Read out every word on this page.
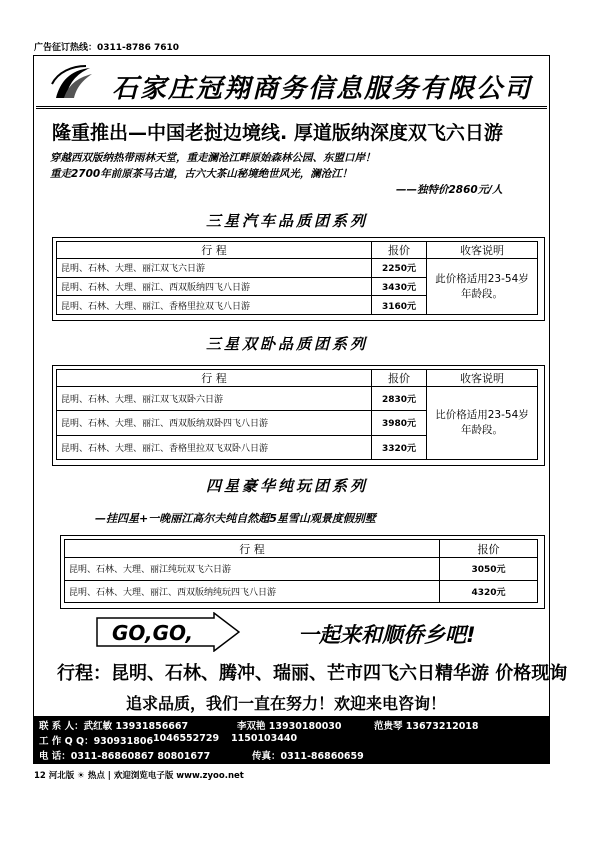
广告征订热线：0311-8786 7610
石家庄冠翔商务信息服务有限公司
隆重推出—中国老挝边境线. 厚道版纳深度双飞六日游
穿越西双版纳热带雨林天堂，重走澜沧江畔原始森林公园、东盟口岸！
重走2700年前原茶马古道，古六大茶山秘境绝世风光，澜沧江！
——独特价2860元/人
三星汽车品质团系列
行 程	报价	收客说明
昆明、石林、大理、丽江双飞六日游	2250元	此价格适用23-54岁年龄段。
昆明、石林、大理、丽江、西双版纳四飞八日游	3430元	
昆明、石林、大理、丽江、香格里拉双飞八日游	3160元	
三星双卧品质团系列
行 程	报价	收客说明
昆明、石林、大理、丽江双飞双卧六日游	2830元	比价格适用23-54岁年龄段。
昆明、石林、大理、丽江、西双版纳双卧四飞八日游	3980元	
昆明、石林、大理、丽江、香格里拉双飞双卧八日游	3320元	
四星豪华纯玩团系列
—挂四星+一晚丽江高尔夫纯自然超5星雪山观景度假别墅
行 程	报价
昆明、石林、大理、丽江纯玩双飞六日游	3050元
昆明、石林、大理、丽江、西双版纳纯玩四飞八日游	4320元
GO,GO,	一起来和顺侨乡吧!
行程：昆明、石林、腾冲、瑞丽、芒市四飞六日精华游 价格现询
追求品质，我们一直在努力！欢迎来电咨询！
联 系 人：武红敏 13931856667	李双艳 13930180030	范贵琴 13673212018
工 作 Q Q：930931806 1046552729 1150103440
电 话：0311-86860867 80801677	传真：0311-86860659
12 河北版 ☀ 热点 | 欢迎浏览电子版 www.zyoo.net
